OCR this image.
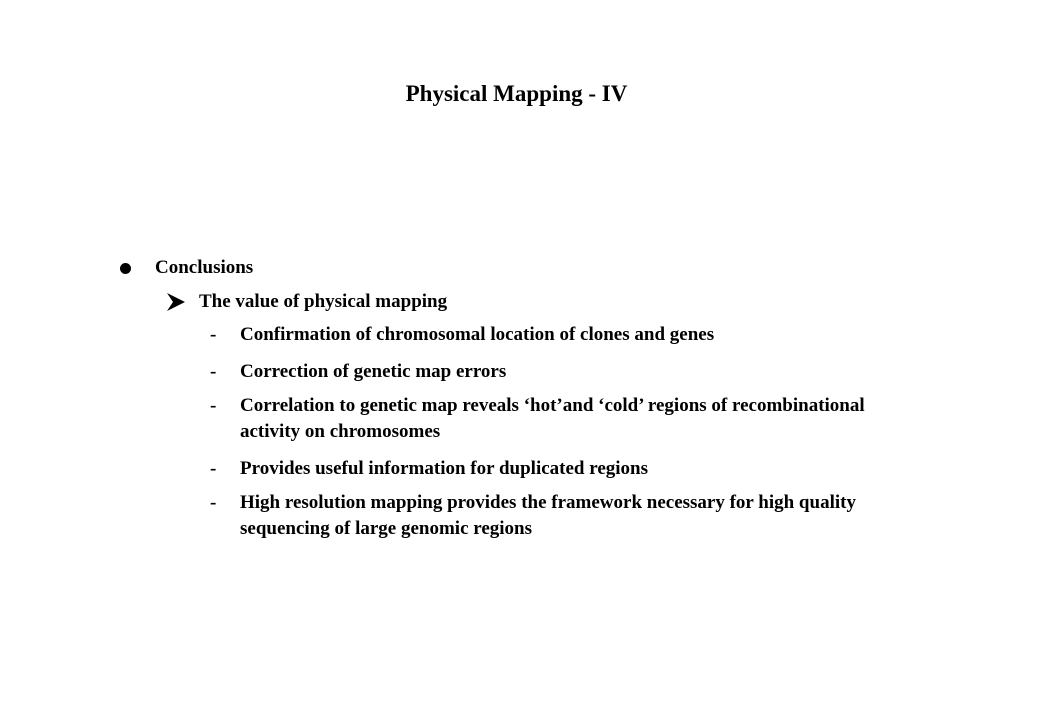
Physical Mapping - IV
Conclusions
The value of physical mapping
- Confirmation of chromosomal location of clones and genes
- Correction of genetic map errors
- Correlation to genetic map reveals ‘hot’and ‘cold’ regions of recombinational activity on chromosomes
- Provides useful information for duplicated regions
- High resolution mapping provides the framework necessary for high quality sequencing of large genomic regions
